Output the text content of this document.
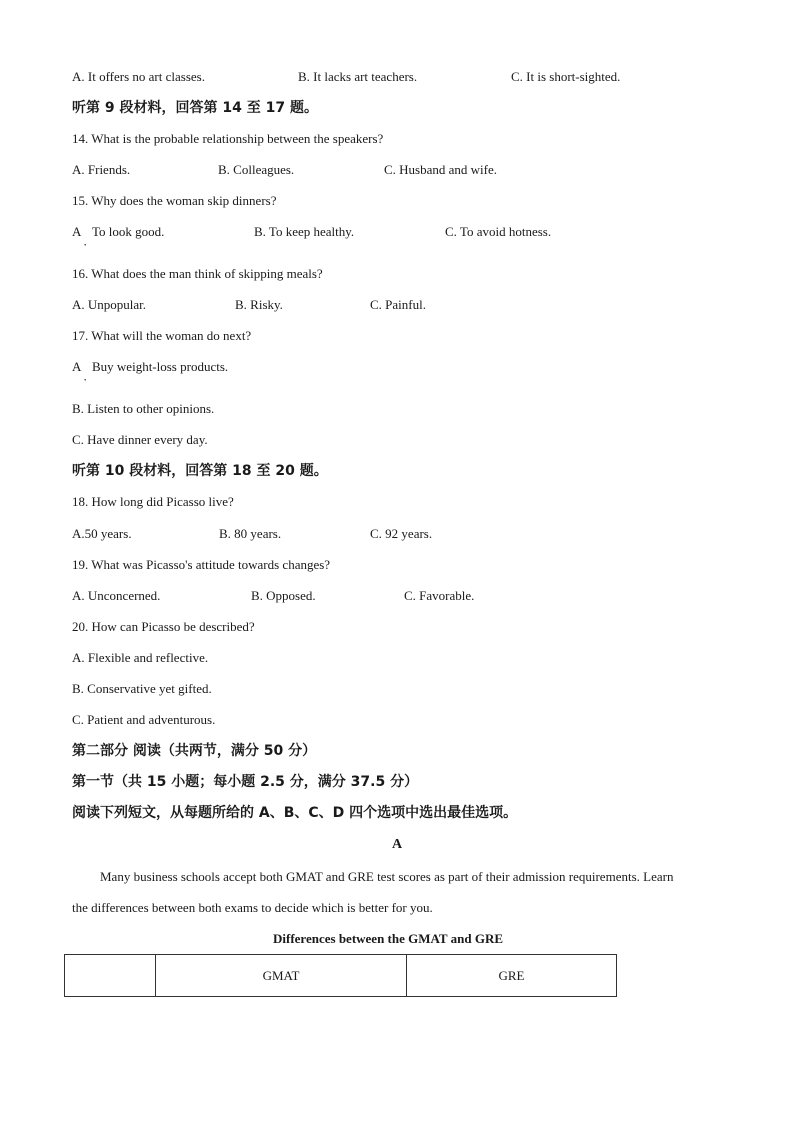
A. It offers no art classes.	B. It lacks art teachers.	C. It is short-sighted.
听第 9 段材料，回答第 14 至 17 题。
14. What is the probable relationship between the speakers?
A. Friends.	B. Colleagues.	C. Husband and wife.
15. Why does the woman skip dinners?
A
·
To look good.	B. To keep healthy.	C. To avoid hotness.
16. What does the man think of skipping meals?
A. Unpopular.	B. Risky.	C. Painful.
17. What will the woman do next?
A
·
Buy weight-loss products.
B. Listen to other opinions.
C. Have dinner every day.
听第 10 段材料，回答第 18 至 20 题。
18. How long did Picasso live?
A.50 years.	B. 80 years.	C. 92 years.
19. What was Picasso's attitude towards changes?
A. Unconcerned.	B. Opposed.	C. Favorable.
20. How can Picasso be described?
A. Flexible and reflective.
B. Conservative yet gifted.
C. Patient and adventurous.
第二部分 阅读（共两节，满分 50 分）
第一节（共 15 小题；每小题 2.5 分，满分 37.5 分）
阅读下列短文，从每题所给的 A、B、C、D 四个选项中选出最佳选项。
A
Many business schools accept both GMAT and GRE test scores as part of their admission requirements. Learn
the differences between both exams to decide which is better for you.
Differences between the GMAT and GRE
	GMAT	GRE
